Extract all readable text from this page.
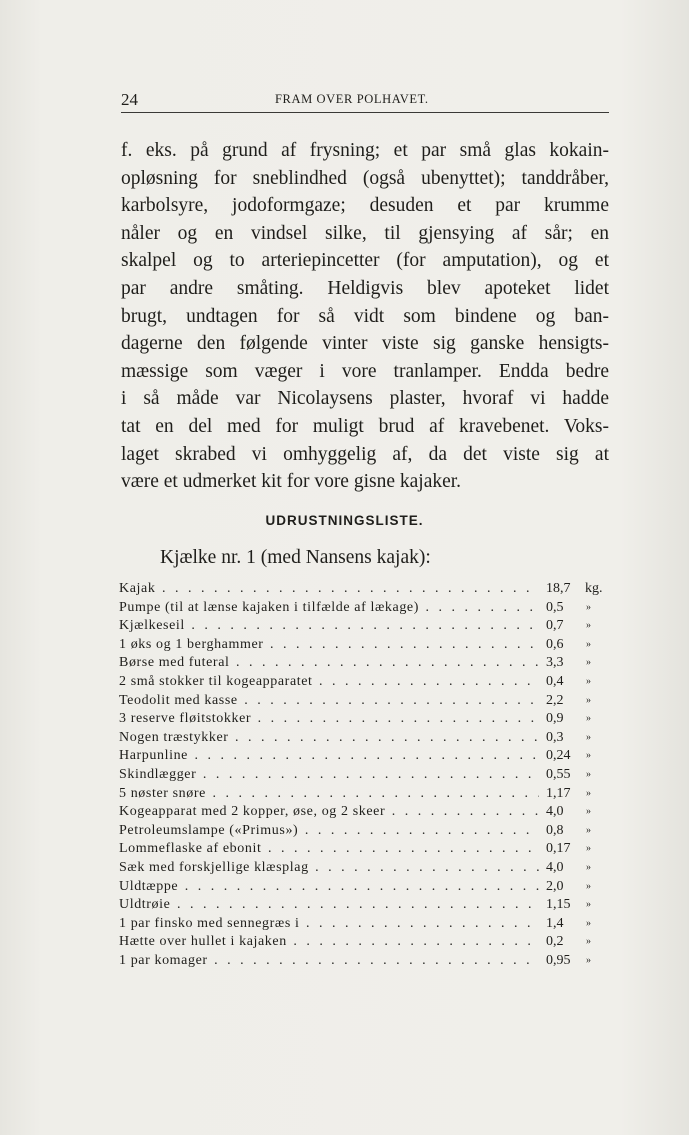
24	FRAM OVER POLHAVET.
f. eks. på grund af frysning; et par små glas kokain-
opløsning for sneblindhed (også ubenyttet); tanddråber,
karbolsyre, jodoformgaze; desuden et par krumme
nåler og en vindsel silke, til gjensying af sår; en
skalpel og to arteriepincetter (for amputation), og et
par andre småting. Heldigvis blev apoteket lidet
brugt, undtagen for så vidt som bindene og ban-
dagerne den følgende vinter viste sig ganske hensigts-
mæssige som væger i vore tranlamper. Endda bedre
i så måde var Nicolaysens plaster, hvoraf vi hadde
tat en del med for muligt brud af kravebenet. Voks-
laget skrabed vi omhyggelig af, da det viste sig at
være et udmerket kit for vore gisne kajaker.
UDRUSTNINGSLISTE.
Kjælke nr. 1 (med Nansens kajak):
Kajak . . .	18,7 kg.
Pumpe (til at lænse kajaken i tilfælde af lækage) . . .	0,5 »
Kjælkeseil . . .	0,7 »
1 øks og 1 berghammer . . .	0,6 »
Børse med futeral . . .	3,3 »
2 små stokker til kogeapparatet . . .	0,4 »
Teodolit med kasse . . .	2,2 »
3 reserve fløitstokker . . .	0,9 »
Nogen træstykker . . .	0,3 »
Harpunline . . .	0,24 »
Skindlægger . . .	0,55 »
5 nøster snøre . . .	1,17 »
Kogeapparat med 2 kopper, øse, og 2 skeer . . .	4,0 »
Petroleumslampe («Primus») . . .	0,8 »
Lommeflaske af ebonit . . .	0,17 »
Sæk med forskjellige klæsplag . . .	4,0 »
Uldtæppe . . .	2,0 »
Uldtrøie . . .	1,15 »
1 par finsko med sennegræs i . . .	1,4 »
Hætte over hullet i kajaken . . .	0,2 »
1 par komager . . .	0,95 »
